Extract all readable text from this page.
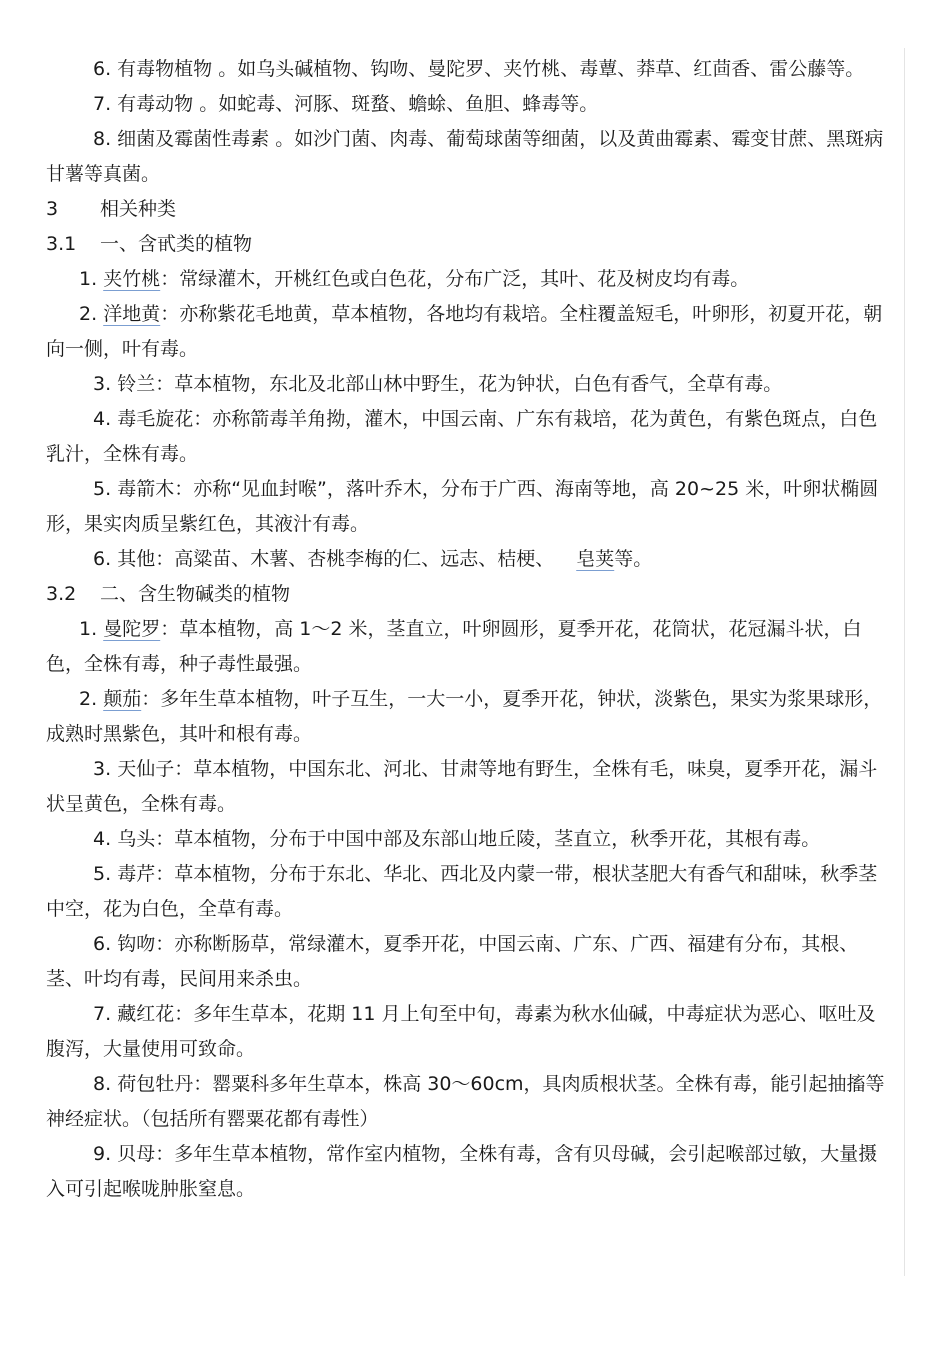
6. 有毒物植物 。如乌头碱植物、钩吻、曼陀罗、夹竹桃、毒蕈、莽草、红茴香、雷公藤等。

7. 有毒动物 。如蛇毒、河豚、斑蝥、蟾蜍、鱼胆、蜂毒等。

8. 细菌及霉菌性毒素 。如沙门菌、肉毒、葡萄球菌等细菌，以及黄曲霉素、霉变甘蔗、黑斑病甘薯等真菌。

3 相关种类

3.1 一、含甙类的植物

1. 夹竹桃：常绿灌木，开桃红色或白色花，分布广泛，其叶、花及树皮均有毒。

2. 洋地黄：亦称紫花毛地黄，草本植物，各地均有栽培。全柱覆盖短毛，叶卵形，初夏开花，朝向一侧，叶有毒。

3. 铃兰：草本植物，东北及北部山林中野生，花为钟状，白色有香气，全草有毒。

4. 毒毛旋花：亦称箭毒羊角拗，灌木，中国云南、广东有栽培，花为黄色，有紫色斑点，白色乳汁，全株有毒。

5. 毒箭木：亦称“见血封喉”，落叶乔木，分布于广西、海南等地，高 20~25 米，叶卵状椭圆形，果实肉质呈紫红色，其液汁有毒。

6. 其他：高粱苗、木薯、杏桃李梅的仁、远志、桔梗、 皂荚等。

3.2 二、含生物碱类的植物

1. 曼陀罗：草本植物，高 1～2 米，茎直立，叶卵圆形，夏季开花，花筒状，花冠漏斗状，白色，全株有毒，种子毒性最强。

2. 颠茄：多年生草本植物，叶子互生，一大一小，夏季开花，钟状，淡紫色，果实为浆果球形，成熟时黑紫色，其叶和根有毒。

3. 天仙子：草本植物，中国东北、河北、甘肃等地有野生，全株有毛，味臭，夏季开花，漏斗状呈黄色，全株有毒。

4. 乌头：草本植物，分布于中国中部及东部山地丘陵，茎直立，秋季开花，其根有毒。

5. 毒芹：草本植物，分布于东北、华北、西北及内蒙一带，根状茎肥大有香气和甜味，秋季茎中空，花为白色，全草有毒。

6. 钩吻：亦称断肠草，常绿灌木，夏季开花，中国云南、广东、广西、福建有分布，其根、茎、叶均有毒，民间用来杀虫。

7. 藏红花：多年生草本，花期 11 月上旬至中旬，毒素为秋水仙碱，中毒症状为恶心、呕吐及腹泻，大量使用可致命。

8. 荷包牡丹：罂粟科多年生草本，株高 30～60cm，具肉质根状茎。全株有毒，能引起抽搐等神经症状。（包括所有罂粟花都有毒性）

9. 贝母：多年生草本植物，常作室内植物，全株有毒，含有贝母碱，会引起喉部过敏，大量摄入可引起喉咙肿胀窒息。
